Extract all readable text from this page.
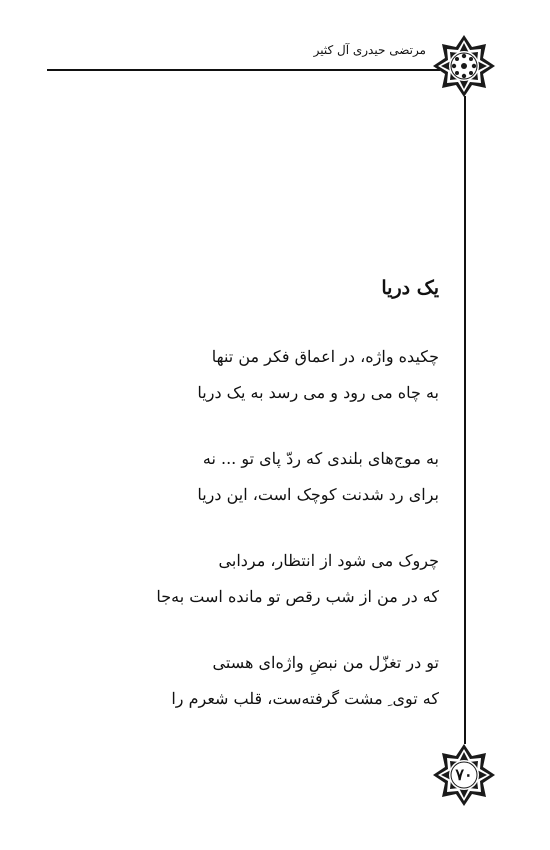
مرتضی حیدری آل کثیر
۷۰
یک دریا
چکیده واژه، در اعماق فکر من تنها
به چاه می رود و می رسد به یک دریا
به موج‌های بلندی که ردّ پای تو ... نه
برای رد شدنت کوچک است، این دریا
چروک می شود از انتظار، مردابی
که در من از شب رقص تو مانده است به‌جا
تو در تغزّل من نبضِ واژه‌ای هستی
که توی ِ مشت گرفته‌ست، قلب شعرم را
